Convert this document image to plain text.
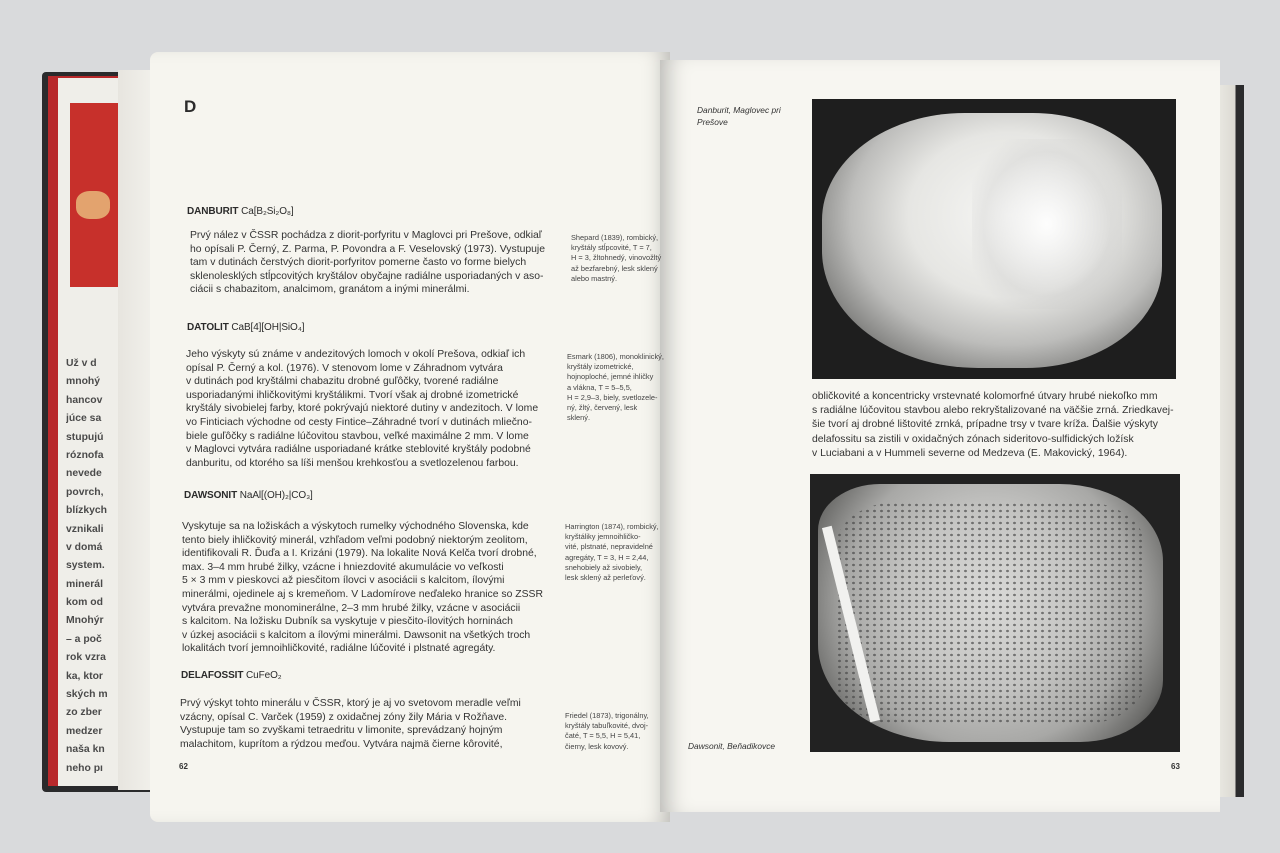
Už v d
mnohý
hancov
júce sa
stupujú
róznofa
nevede
povrch,
blízkych
vznikali
v domá
system.
minerál
kom od
Mnohýr
– a poč
rok vzra
ka, ktor
ských m
zo zber
medzer
naša kn
neho pı
D
DANBURIT Ca[B₂Si₂O₈]
Prvý nález v ČSSR pochádza z diorit-porfyritu v Maglovci pri Prešove, odkiaľ
ho opísali P. Černý, Z. Parma, P. Povondra a F. Veselovský (1973). Vystupuje
tam v dutinách čerstvých diorit-porfyritov pomerne často vo forme bielych
sklenolesklých stĺpcovitých kryštálov obyčajne radiálne usporiadaných v aso-
ciácii s chabazitom, analcimom, granátom a inými minerálmi.
Shepard (1839), rombický,
kryštály stĺpcovité, T = 7,
H = 3, žltohnedý, vinovožltý
až bezfarebný, lesk sklený
alebo mastný.
DATOLIT CaB[4][OH|SiO₄]
Jeho výskyty sú známe v andezitových lomoch v okolí Prešova, odkiaľ ich
opísal P. Černý a kol. (1976). V stenovom lome v Záhradnom vytvára
v dutinách pod kryštálmi chabazitu drobné guľôčky, tvorené radiálne
usporiadanými ihličkovitými kryštálikmi. Tvorí však aj drobné izometrické
kryštály sivobielej farby, ktoré pokrývajú niektoré dutiny v andezitoch. V lome
vo Finticiach východne od cesty Fintice–Záhradné tvorí v dutinách mliečno-
biele guľôčky s radiálne lúčovitou stavbou, veľké maximálne 2 mm. V lome
v Maglovci vytvára radiálne usporiadané krátke steblovité kryštály podobné
danburitu, od ktorého sa líši menšou krehkosťou a svetlozelenou farbou.
Esmark (1806), monoklinický,
kryštály izometrické,
hojnoploché, jemné ihličky
a vlákna, T = 5–5,5,
H = 2,9–3, biely, svetlozele-
ný, žltý, červený, lesk
sklený.
DAWSONIT NaAl[(OH)₂|CO₃]
Vyskytuje sa na ložiskách a výskytoch rumelky východného Slovenska, kde
tento biely ihličkovitý minerál, vzhľadom veľmi podobný niektorým zeolitom,
identifikovali R. Ďuďa a I. Krizáni (1979). Na lokalite Nová Kelča tvorí drobné,
max. 3–4 mm hrubé žilky, vzácne i hniezdovité akumulácie vo veľkosti
5 × 3 mm v pieskovci až piesčitom ílovci v asociácii s kalcitom, ílovými
minerálmi, ojedinele aj s kremeňom. V Ladomírove neďaleko hranice so ZSSR
vytvára prevažne monominerálne, 2–3 mm hrubé žilky, vzácne v asociácii
s kalcitom. Na ložisku Dubník sa vyskytuje v piesčito-ílovitých horninách
v úzkej asociácii s kalcitom a ílovými minerálmi. Dawsonit na všetkých troch
lokalitách tvorí jemnoihličkovité, radiálne lúčovité i plstnaté agregáty.
Harrington (1874), rombický,
kryštáliky jemnoihličko-
vité, plstnaté, nepravidelné
agregáty, T = 3, H = 2,44,
snehobiely až sivobiely,
lesk sklený až perleťový.
DELAFOSSIT CuFeO₂
Prvý výskyt tohto minerálu v ČSSR, ktorý je aj vo svetovom meradle veľmi
vzácny, opísal C. Varček (1959) z oxidačnej zóny žily Mária v Rožňave.
Vystupuje tam so zvyškami tetraedritu v limonite, sprevádzaný hojným
malachitom, kuprítom a rýdzou meďou. Vytvára najmä čierne kôrovité,
Friedel (1873), trigonálny,
kryštály tabuľkovité, dvoj-
čaté, T = 5,5, H = 5,41,
čierny, lesk kovový.
62
Danburit, Maglovec pri
Prešove
obličkovité a koncentricky vrstevnaté kolomorfné útvary hrubé niekoľko mm
s radiálne lúčovitou stavbou alebo rekryštalizované na väčšie zrná. Zriedkavej-
šie tvorí aj drobné lištovité zrnká, prípadne trsy v tvare kríža. Ďalšie výskyty
delafossitu sa zistili v oxidačných zónach sideritovo-sulfidických ložísk
v Luciabani a v Hummeli severne od Medzeva (E. Makovický, 1964).
Dawsonit, Beňadikovce
63
